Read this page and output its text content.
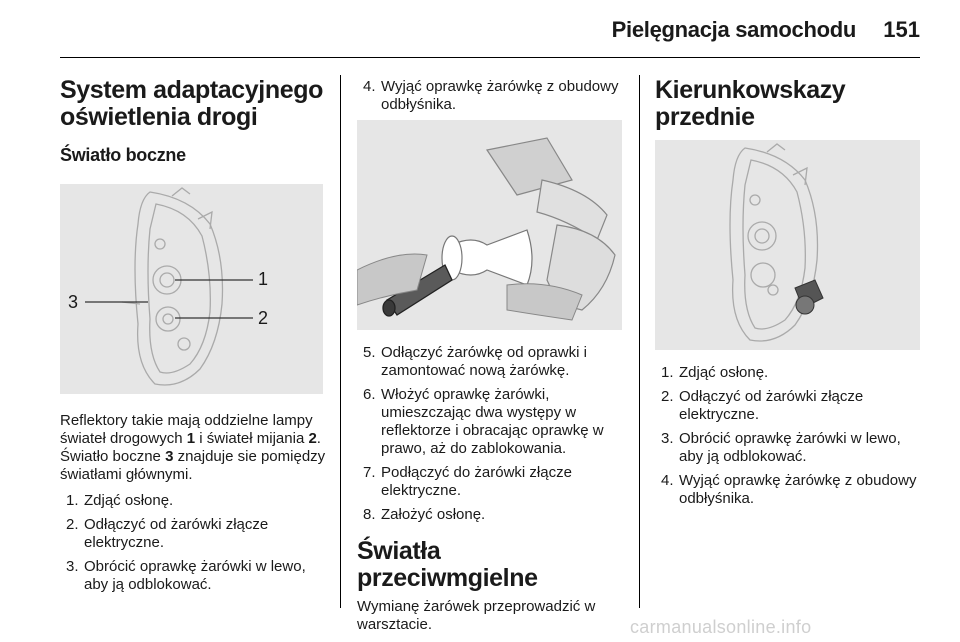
Pielęgnacja samochodu 151
System adaptacyjnego oświetlenia drogi
Światło boczne
1
2
3

Reflektory takie mają oddzielne lampy świateł drogowych 1 i świateł mijania 2. Światło boczne 3 znajduje sie pomiędzy światłami głównymi.

1. Zdjąć osłonę.
2. Odłączyć od żarówki złącze elektryczne.
3. Obrócić oprawkę żarówki w lewo, aby ją odblokować.
4. Wyjąć oprawkę żarówkę z obudowy odbłyśnika.
5. Odłączyć żarówkę od oprawki i zamontować nową żarówkę.
6. Włożyć oprawkę żarówki, umieszczając dwa występy w reflektorze i obracając oprawkę w prawo, aż do zablokowania.
7. Podłączyć do żarówki złącze elektryczne.
8. Założyć osłonę.
Światła przeciwmgielne

Wymianę żarówek przeprowadzić w warsztacie.

Kierunkowskazy przednie
1. Zdjąć osłonę.
2. Odłączyć od żarówki złącze elektryczne.
3. Obrócić oprawkę żarówki w lewo, aby ją odblokować.
4. Wyjąć oprawkę żarówkę z obudowy odbłyśnika.
carmanualsonline.info
